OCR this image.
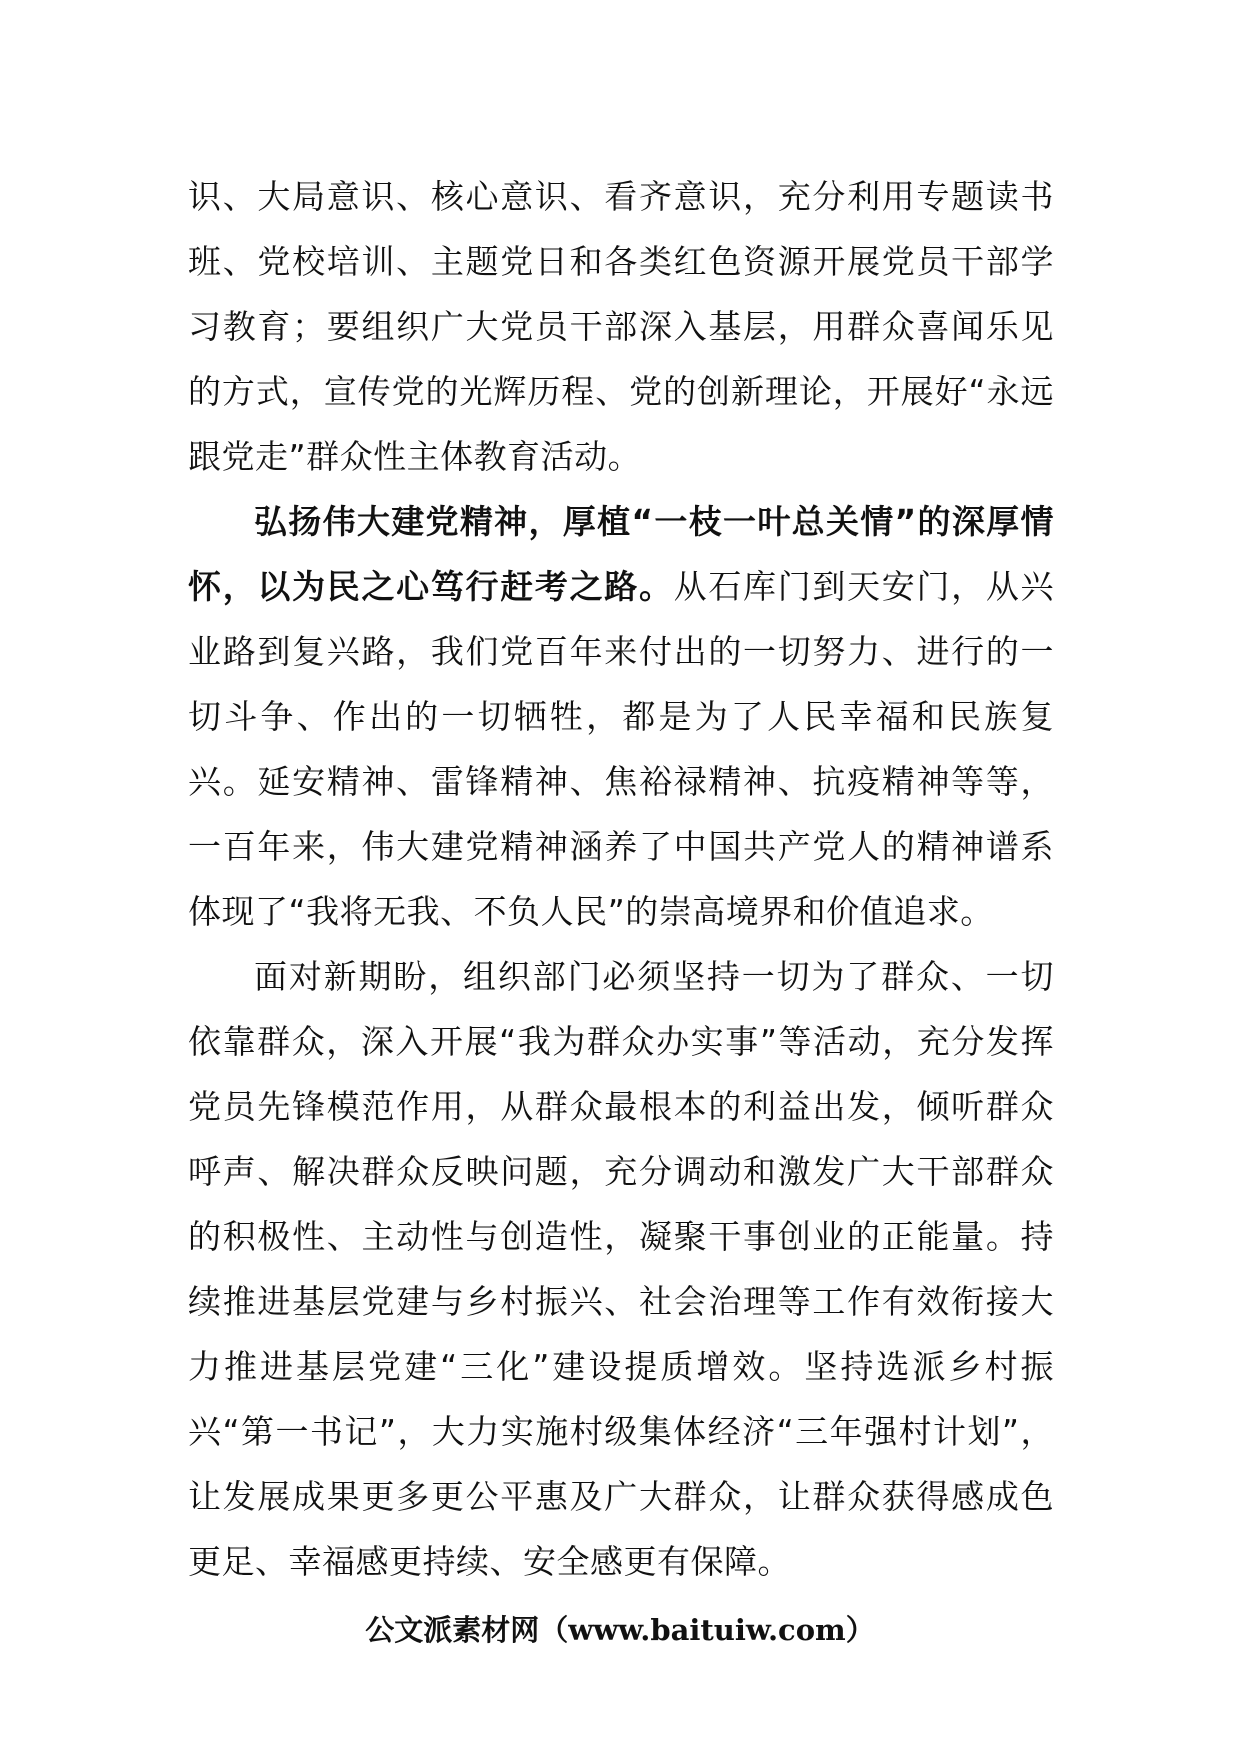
识、大局意识、核心意识、看齐意识，充分利用专题读书班、党校培训、主题党日和各类红色资源开展党员干部学习教育；要组织广大党员干部深入基层，用群众喜闻乐见的方式，宣传党的光辉历程、党的创新理论，开展好“永远跟党走”群众性主体教育活动。

弘扬伟大建党精神，厚植“一枝一叶总关情”的深厚情怀，以为民之心笃行赶考之路。从石库门到天安门，从兴业路到复兴路，我们党百年来付出的一切努力、进行的一切斗争、作出的一切牺牲，都是为了人民幸福和民族复兴。延安精神、雷锋精神、焦裕禄精神、抗疫精神等等，一百年来，伟大建党精神涵养了中国共产党人的精神谱系体现了“我将无我、不负人民”的崇高境界和价值追求。

面对新期盼，组织部门必须坚持一切为了群众、一切依靠群众，深入开展“我为群众办实事”等活动，充分发挥党员先锋模范作用，从群众最根本的利益出发，倾听群众呼声、解决群众反映问题，充分调动和激发广大干部群众的积极性、主动性与创造性，凝聚干事创业的正能量。持续推进基层党建与乡村振兴、社会治理等工作有效衔接大力推进基层党建“三化”建设提质增效。坚持选派乡村振兴“第一书记”，大力实施村级集体经济“三年强村计划”，让发展成果更多更公平惠及广大群众，让群众获得感成色更足、幸福感更持续、安全感更有保障。

公文派素材网（www.baituiw.com）
